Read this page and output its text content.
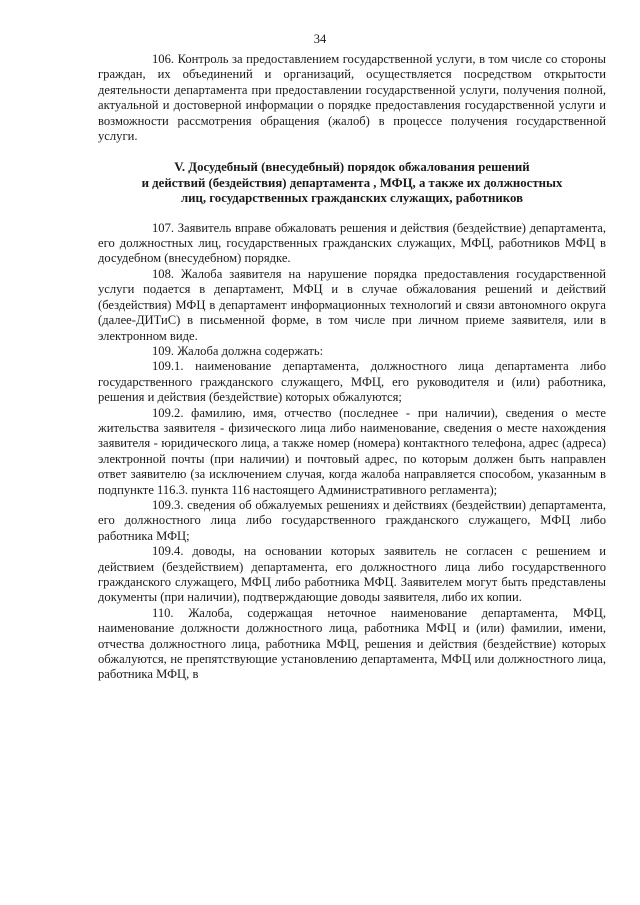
34

106. Контроль за предоставлением государственной услуги, в том числе со стороны граждан, их объединений и организаций, осуществляется посредством открытости деятельности департамента при предоставлении государственной услуги, получения полной, актуальной и достоверной информации о порядке предоставления государственной услуги и возможности рассмотрения обращения (жалоб) в процессе получения государственной услуги.

V. Досудебный (внесудебный) порядок обжалования решений
и действий (бездействия) департамента , МФЦ, а также их должностных
лиц, государственных гражданских служащих, работников

107. Заявитель вправе обжаловать решения и действия (бездействие) департамента, его должностных лиц, государственных гражданских служащих, МФЦ, работников МФЦ в досудебном (внесудебном) порядке.

108. Жалоба заявителя на нарушение порядка предоставления государственной услуги подается в департамент, МФЦ и в случае обжалования решений и действий (бездействия) МФЦ в департамент информационных технологий и связи автономного округа (далее-ДИТиС) в письменной форме, в том числе при личном приеме заявителя, или в электронном виде.

109. Жалоба должна содержать:

109.1. наименование департамента, должностного лица департамента либо государственного гражданского служащего, МФЦ, его руководителя и (или) работника, решения и действия (бездействие) которых обжалуются;

109.2. фамилию, имя, отчество (последнее - при наличии), сведения о месте жительства заявителя - физического лица либо наименование, сведения о месте нахождения заявителя - юридического лица, а также номер (номера) контактного телефона, адрес (адреса) электронной почты (при наличии) и почтовый адрес, по которым должен быть направлен ответ заявителю (за исключением случая, когда жалоба направляется способом, указанным в подпункте 116.3. пункта 116 настоящего Административного регламента);

109.3. сведения об обжалуемых решениях и действиях (бездействии) департамента, его должностного лица либо государственного гражданского служащего, МФЦ либо работника МФЦ;

109.4. доводы, на основании которых заявитель не согласен с решением и действием (бездействием) департамента, его должностного лица либо государственного гражданского служащего, МФЦ либо работника МФЦ. Заявителем могут быть представлены документы (при наличии), подтверждающие доводы заявителя, либо их копии.

110. Жалоба, содержащая неточное наименование департамента, МФЦ, наименование должности должностного лица, работника МФЦ и (или) фамилии, имени, отчества должностного лица, работника МФЦ, решения и действия (бездействие) которых обжалуются, не препятствующие установлению департамента, МФЦ или должностного лица, работника МФЦ, в
